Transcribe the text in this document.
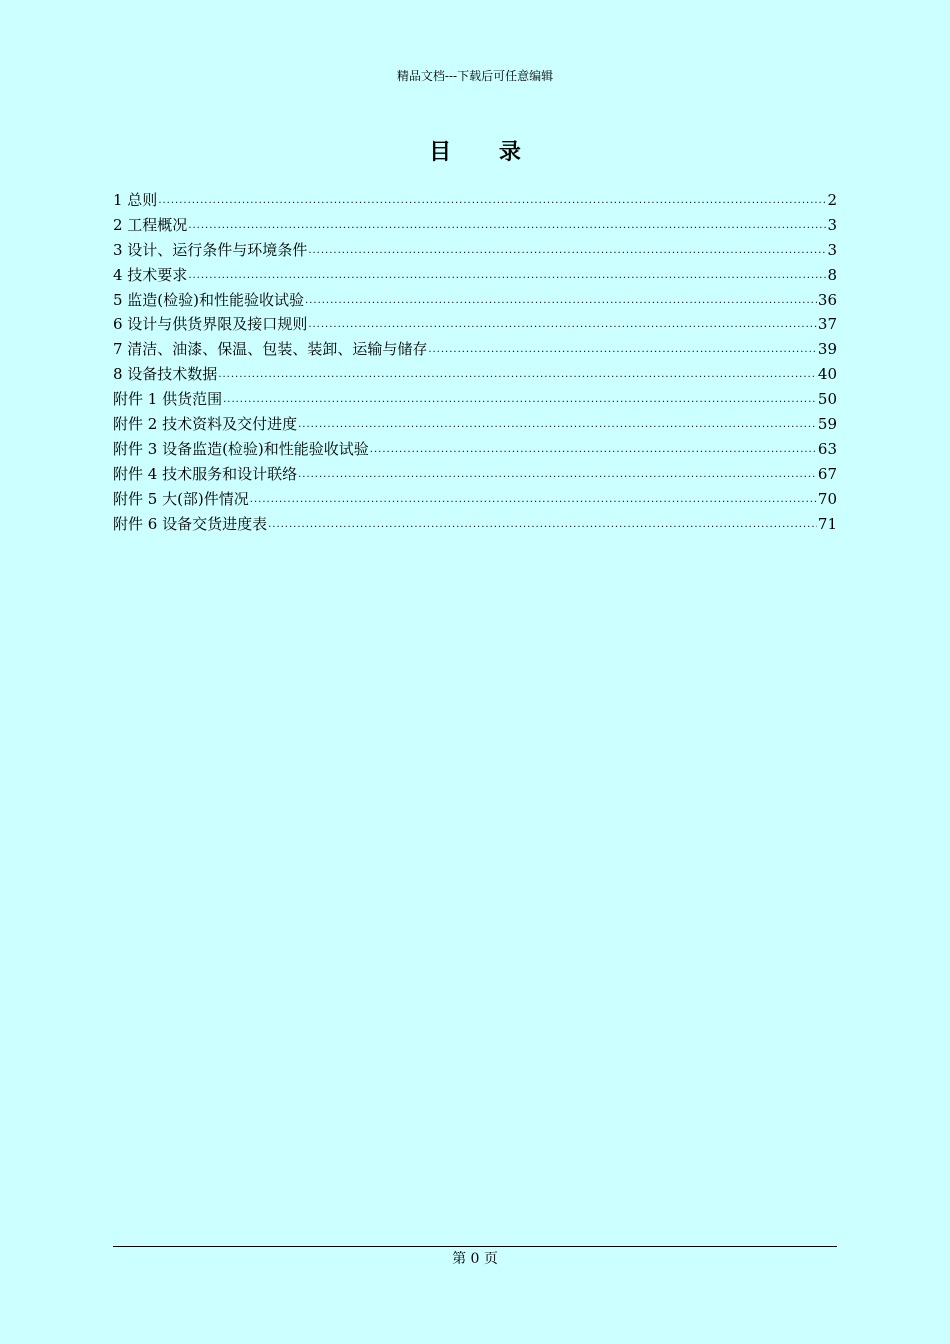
精品文档---下载后可任意编辑
目 录
1 总则 .....	2
2 工程概况 .....	3
3 设计、运行条件与环境条件 .....	3
4 技术要求 .....	8
5 监造(检验)和性能验收试验 .....	36
6 设计与供货界限及接口规则 .....	37
7 清洁、油漆、保温、包装、装卸、运输与储存 .....	39
8 设备技术数据 .....	40
附件 1 供货范围 .....	50
附件 2 技术资料及交付进度 .....	59
附件 3 设备监造(检验)和性能验收试验 .....	63
附件 4 技术服务和设计联络 .....	67
附件 5 大(部)件情况 .....	70
附件 6 设备交货进度表 .....	71
第 0 页
